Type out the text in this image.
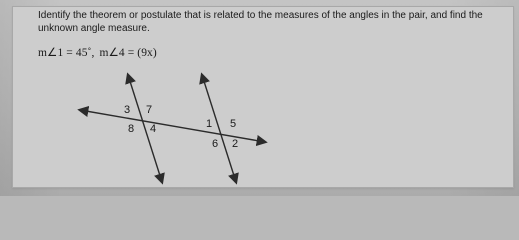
Identify the theorem or postulate that is related to the measures of the angles in the pair, and find the
unknown angle measure.

m∠1 = 45˚, m∠4 = (9x)
3 7
8 4	1 5
6 2
